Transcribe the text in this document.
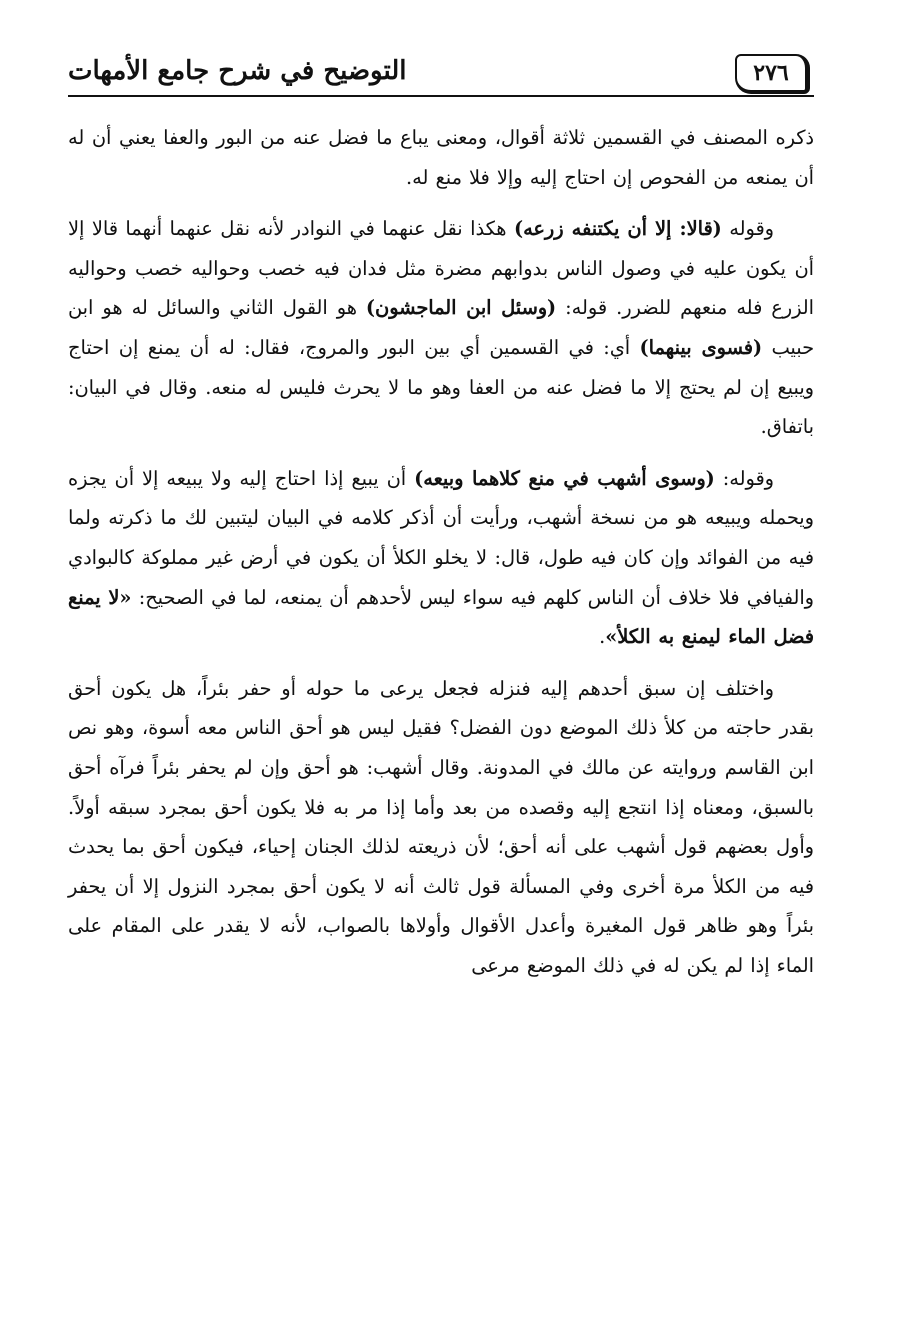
٢٧٦
التوضيح في شرح جامع الأمهات

ذكره المصنف في القسمين ثلاثة أقوال، ومعنى يباع ما فضل عنه من البور والعفا يعني أن له أن يمنعه من الفحوص إن احتاج إليه وإلا فلا منع له.

وقوله (قالا: إلا أن يكتنفه زرعه) هكذا نقل عنهما في النوادر لأنه نقل عنهما أنهما قالا إلا أن يكون عليه في وصول الناس بدوابهم مضرة مثل فدان فيه خصب وحواليه خصب وحواليه الزرع فله منعهم للضرر. قوله: (وسئل ابن الماجشون) هو القول الثاني والسائل له هو ابن حبيب (فسوى بينهما) أي: في القسمين أي بين البور والمروج، فقال: له أن يمنع إن احتاج ويبيع إن لم يحتج إلا ما فضل عنه من العفا وهو ما لا يحرث فليس له منعه. وقال في البيان: باتفاق.

وقوله: (وسوى أشهب في منع كلاهما وبيعه) أن يبيع إذا احتاج إليه ولا يبيعه إلا أن يجزه ويحمله ويبيعه هو من نسخة أشهب، ورأيت أن أذكر كلامه في البيان ليتبين لك ما ذكرته ولما فيه من الفوائد وإن كان فيه طول، قال: لا يخلو الكلأ أن يكون في أرض غير مملوكة كالبوادي والفيافي فلا خلاف أن الناس كلهم فيه سواء ليس لأحدهم أن يمنعه، لما في الصحيح: «لا يمنع فضل الماء ليمنع به الكلأ».

واختلف إن سبق أحدهم إليه فنزله فجعل يرعى ما حوله أو حفر بئراً، هل يكون أحق بقدر حاجته من كلأ ذلك الموضع دون الفضل؟ فقيل ليس هو أحق الناس معه أسوة، وهو نص ابن القاسم وروايته عن مالك في المدونة. وقال أشهب: هو أحق وإن لم يحفر بئراً فرآه أحق بالسبق، ومعناه إذا انتجع إليه وقصده من بعد وأما إذا مر به فلا يكون أحق بمجرد سبقه أولاً. وأول بعضهم قول أشهب على أنه أحق؛ لأن ذريعته لذلك الجنان إحياء، فيكون أحق بما يحدث فيه من الكلأ مرة أخرى وفي المسألة قول ثالث أنه لا يكون أحق بمجرد النزول إلا أن يحفر بئراً وهو ظاهر قول المغيرة وأعدل الأقوال وأولاها بالصواب، لأنه لا يقدر على المقام على الماء إذا لم يكن له في ذلك الموضع مرعى
